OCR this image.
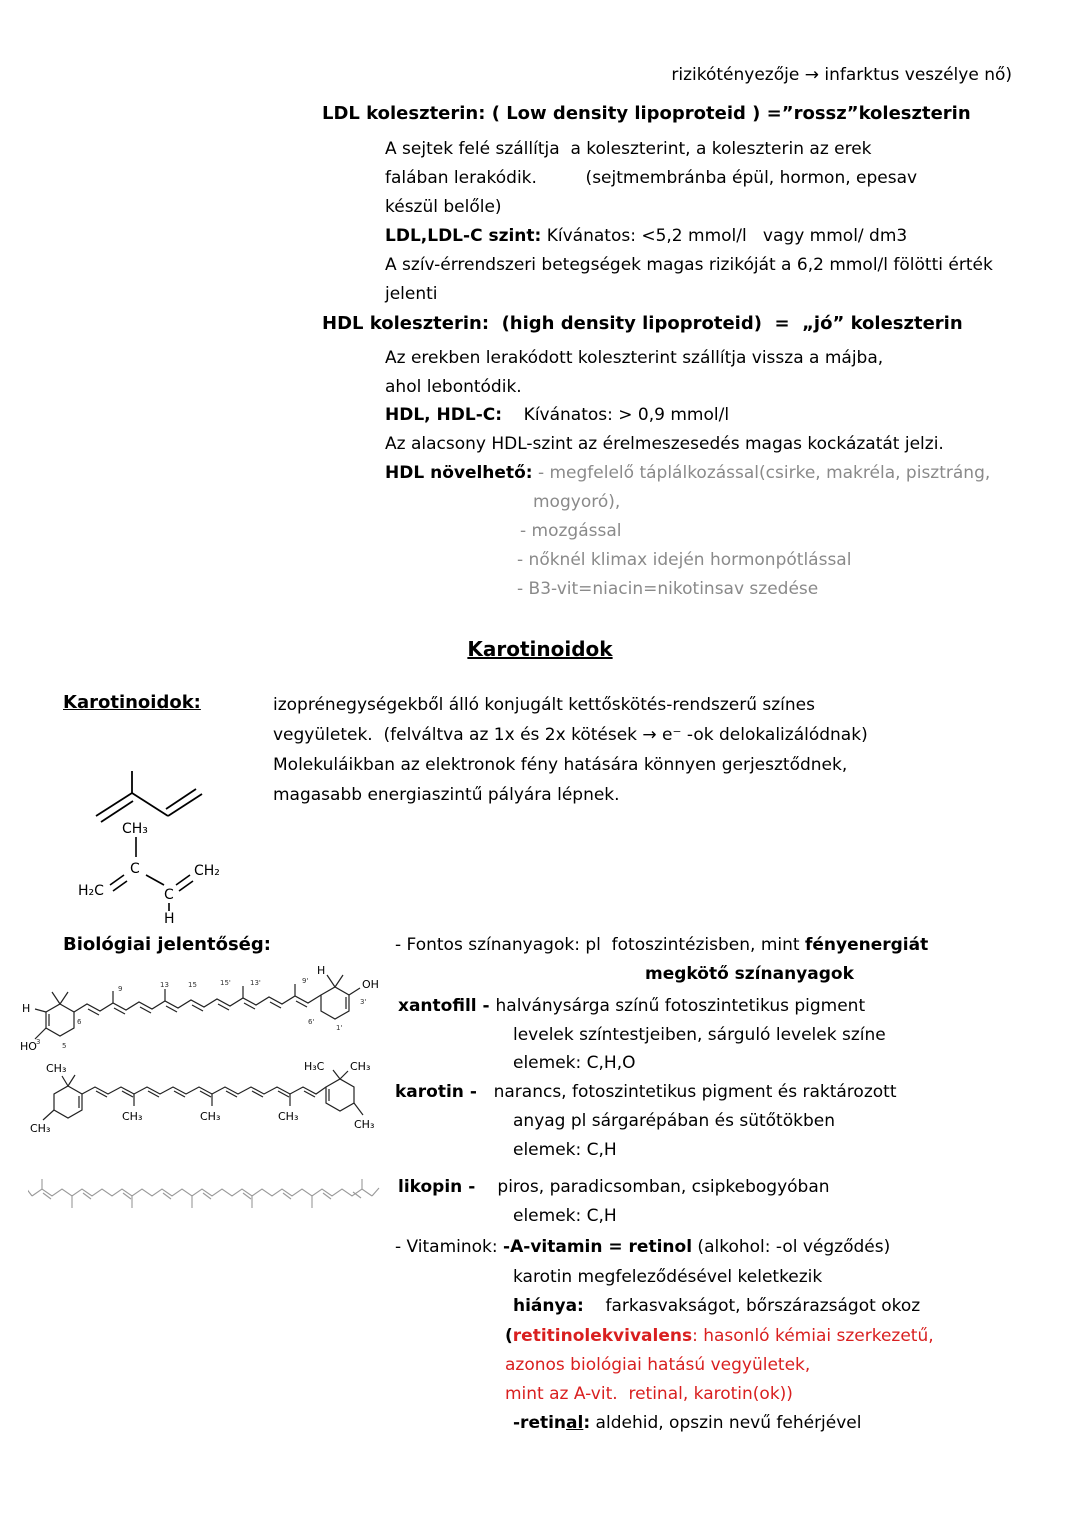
rizikótényezője → infarktus veszélye nő)
LDL koleszterin: ( Low density lipoproteid ) =”rossz”koleszterin
A sejtek felé szállítja  a koleszterint, a koleszterin az erek
falában lerakódik.         (sejtmembránba épül, hormon, epesav
készül belőle)
LDL,LDL-C szint: Kívánatos: <5,2 mmol/l   vagy mmol/ dm3
A szív-érrendszeri betegségek magas rizikóját a 6,2 mmol/l fölötti érték
jelenti
HDL koleszterin:  (high density lipoproteid)  =  „jó” koleszterin
Az erekben lerakódott koleszterint szállítja vissza a májba,
ahol lebontódik.
HDL, HDL-C:    Kívánatos: > 0,9 mmol/l
Az alacsony HDL-szint az érelmeszesedés magas kockázatát jelzi.
HDL növelhető: - megfelelő táplálkozással(csirke, makréla, pisztráng,
mogyoró),
- mozgással
- nőknél klimax idején hormonpótlással
- B3-vit=niacin=nikotinsav szedése
Karotinoidok
Karotinoidok:	izoprénegységekből álló konjugált kettőskötés-rendszerű színes
vegyületek.  (felváltva az 1x és 2x kötések → e⁻ -ok delokalizálódnak)
Molekuláikban az elektronok fény hatására könnyen gerjesztődnek,
magasabb energiaszintű pályára lépnek.
CH₃
C
H₂C	C
CH₂
H
Biológiai jelentőség:	- Fontos színanyagok: pl  fotoszintézisben, mint fényenergiát
megkötő színanyagok
xantofill - halványsárga színű fotoszintetikus pigment
levelek színtestjeiben, sárguló levelek színe
elemek: C,H,O
karotin -   narancs, fotoszintetikus pigment és raktározott
anyag pl sárgarépában és sütőtökben
elemek: C,H
likopin -    piros, paradicsomban, csipkebogyóban
elemek: C,H
- Vitaminok: -A-vitamin = retinol (alkohol: -ol végződés)
karotin megfeleződésével keletkezik
hiánya:    farkasvakságot, bőrszárazságot okoz
(retitinolekvivalens: hasonló kémiai szerkezetű,
azonos biológiai hatású vegyületek,
mint az A-vit.  retinal, karotin(ok))
-retinal: aldehid, opszin nevű fehérjével
HO
OH
H
H
9	13	15	15'	13'	9'
3	5
6
3'
1'
6'
CH₃
CH₃
CH₃	CH₃	CH₃
H₃C CH₃
CH₃
